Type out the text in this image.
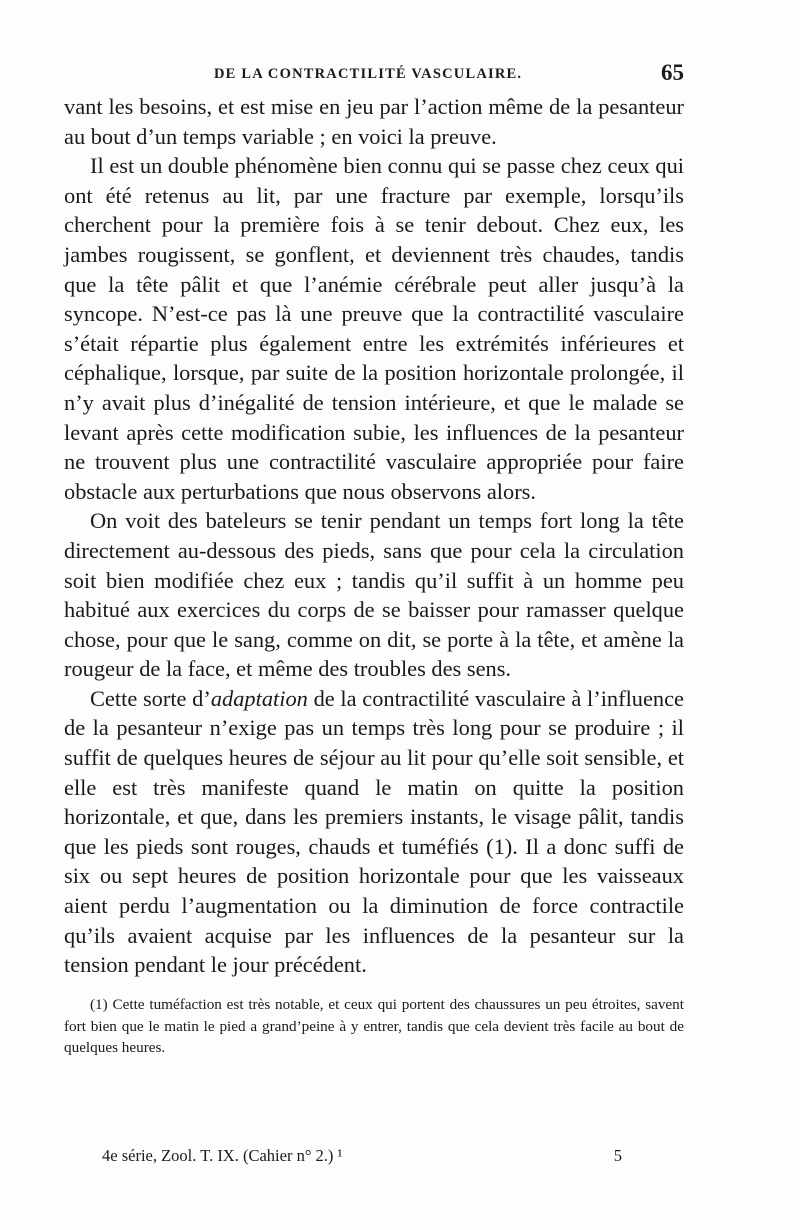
DE LA CONTRACTILITÉ VASCULAIRE.	65

vant les besoins, et est mise en jeu par l’action même de la pesanteur au bout d’un temps variable ; en voici la preuve.

Il est un double phénomène bien connu qui se passe chez ceux qui ont été retenus au lit, par une fracture par exemple, lorsqu’ils cherchent pour la première fois à se tenir debout. Chez eux, les jambes rougissent, se gonflent, et deviennent très chaudes, tandis que la tête pâlit et que l’anémie cérébrale peut aller jusqu’à la syncope. N’est-ce pas là une preuve que la contractilité vasculaire s’était répartie plus également entre les extrémités inférieures et céphalique, lorsque, par suite de la position horizontale prolongée, il n’y avait plus d’inégalité de tension intérieure, et que le malade se levant après cette modification subie, les influences de la pesanteur ne trouvent plus une contractilité vasculaire appropriée pour faire obstacle aux perturbations que nous observons alors.

On voit des bateleurs se tenir pendant un temps fort long la tête directement au-dessous des pieds, sans que pour cela la circulation soit bien modifiée chez eux ; tandis qu’il suffit à un homme peu habitué aux exercices du corps de se baisser pour ramasser quelque chose, pour que le sang, comme on dit, se porte à la tête, et amène la rougeur de la face, et même des troubles des sens.

Cette sorte d’adaptation de la contractilité vasculaire à l’influence de la pesanteur n’exige pas un temps très long pour se produire ; il suffit de quelques heures de séjour au lit pour qu’elle soit sensible, et elle est très manifeste quand le matin on quitte la position horizontale, et que, dans les premiers instants, le visage pâlit, tandis que les pieds sont rouges, chauds et tuméfiés (1). Il a donc suffi de six ou sept heures de position horizontale pour que les vaisseaux aient perdu l’augmentation ou la diminution de force contractile qu’ils avaient acquise par les influences de la pesanteur sur la tension pendant le jour précédent.

(1) Cette tuméfaction est très notable, et ceux qui portent des chaussures un peu étroites, savent fort bien que le matin le pied a grand’peine à y entrer, tandis que cela devient très facile au bout de quelques heures.

4e série, Zool. T. IX. (Cahier n° 2.) ¹	5
